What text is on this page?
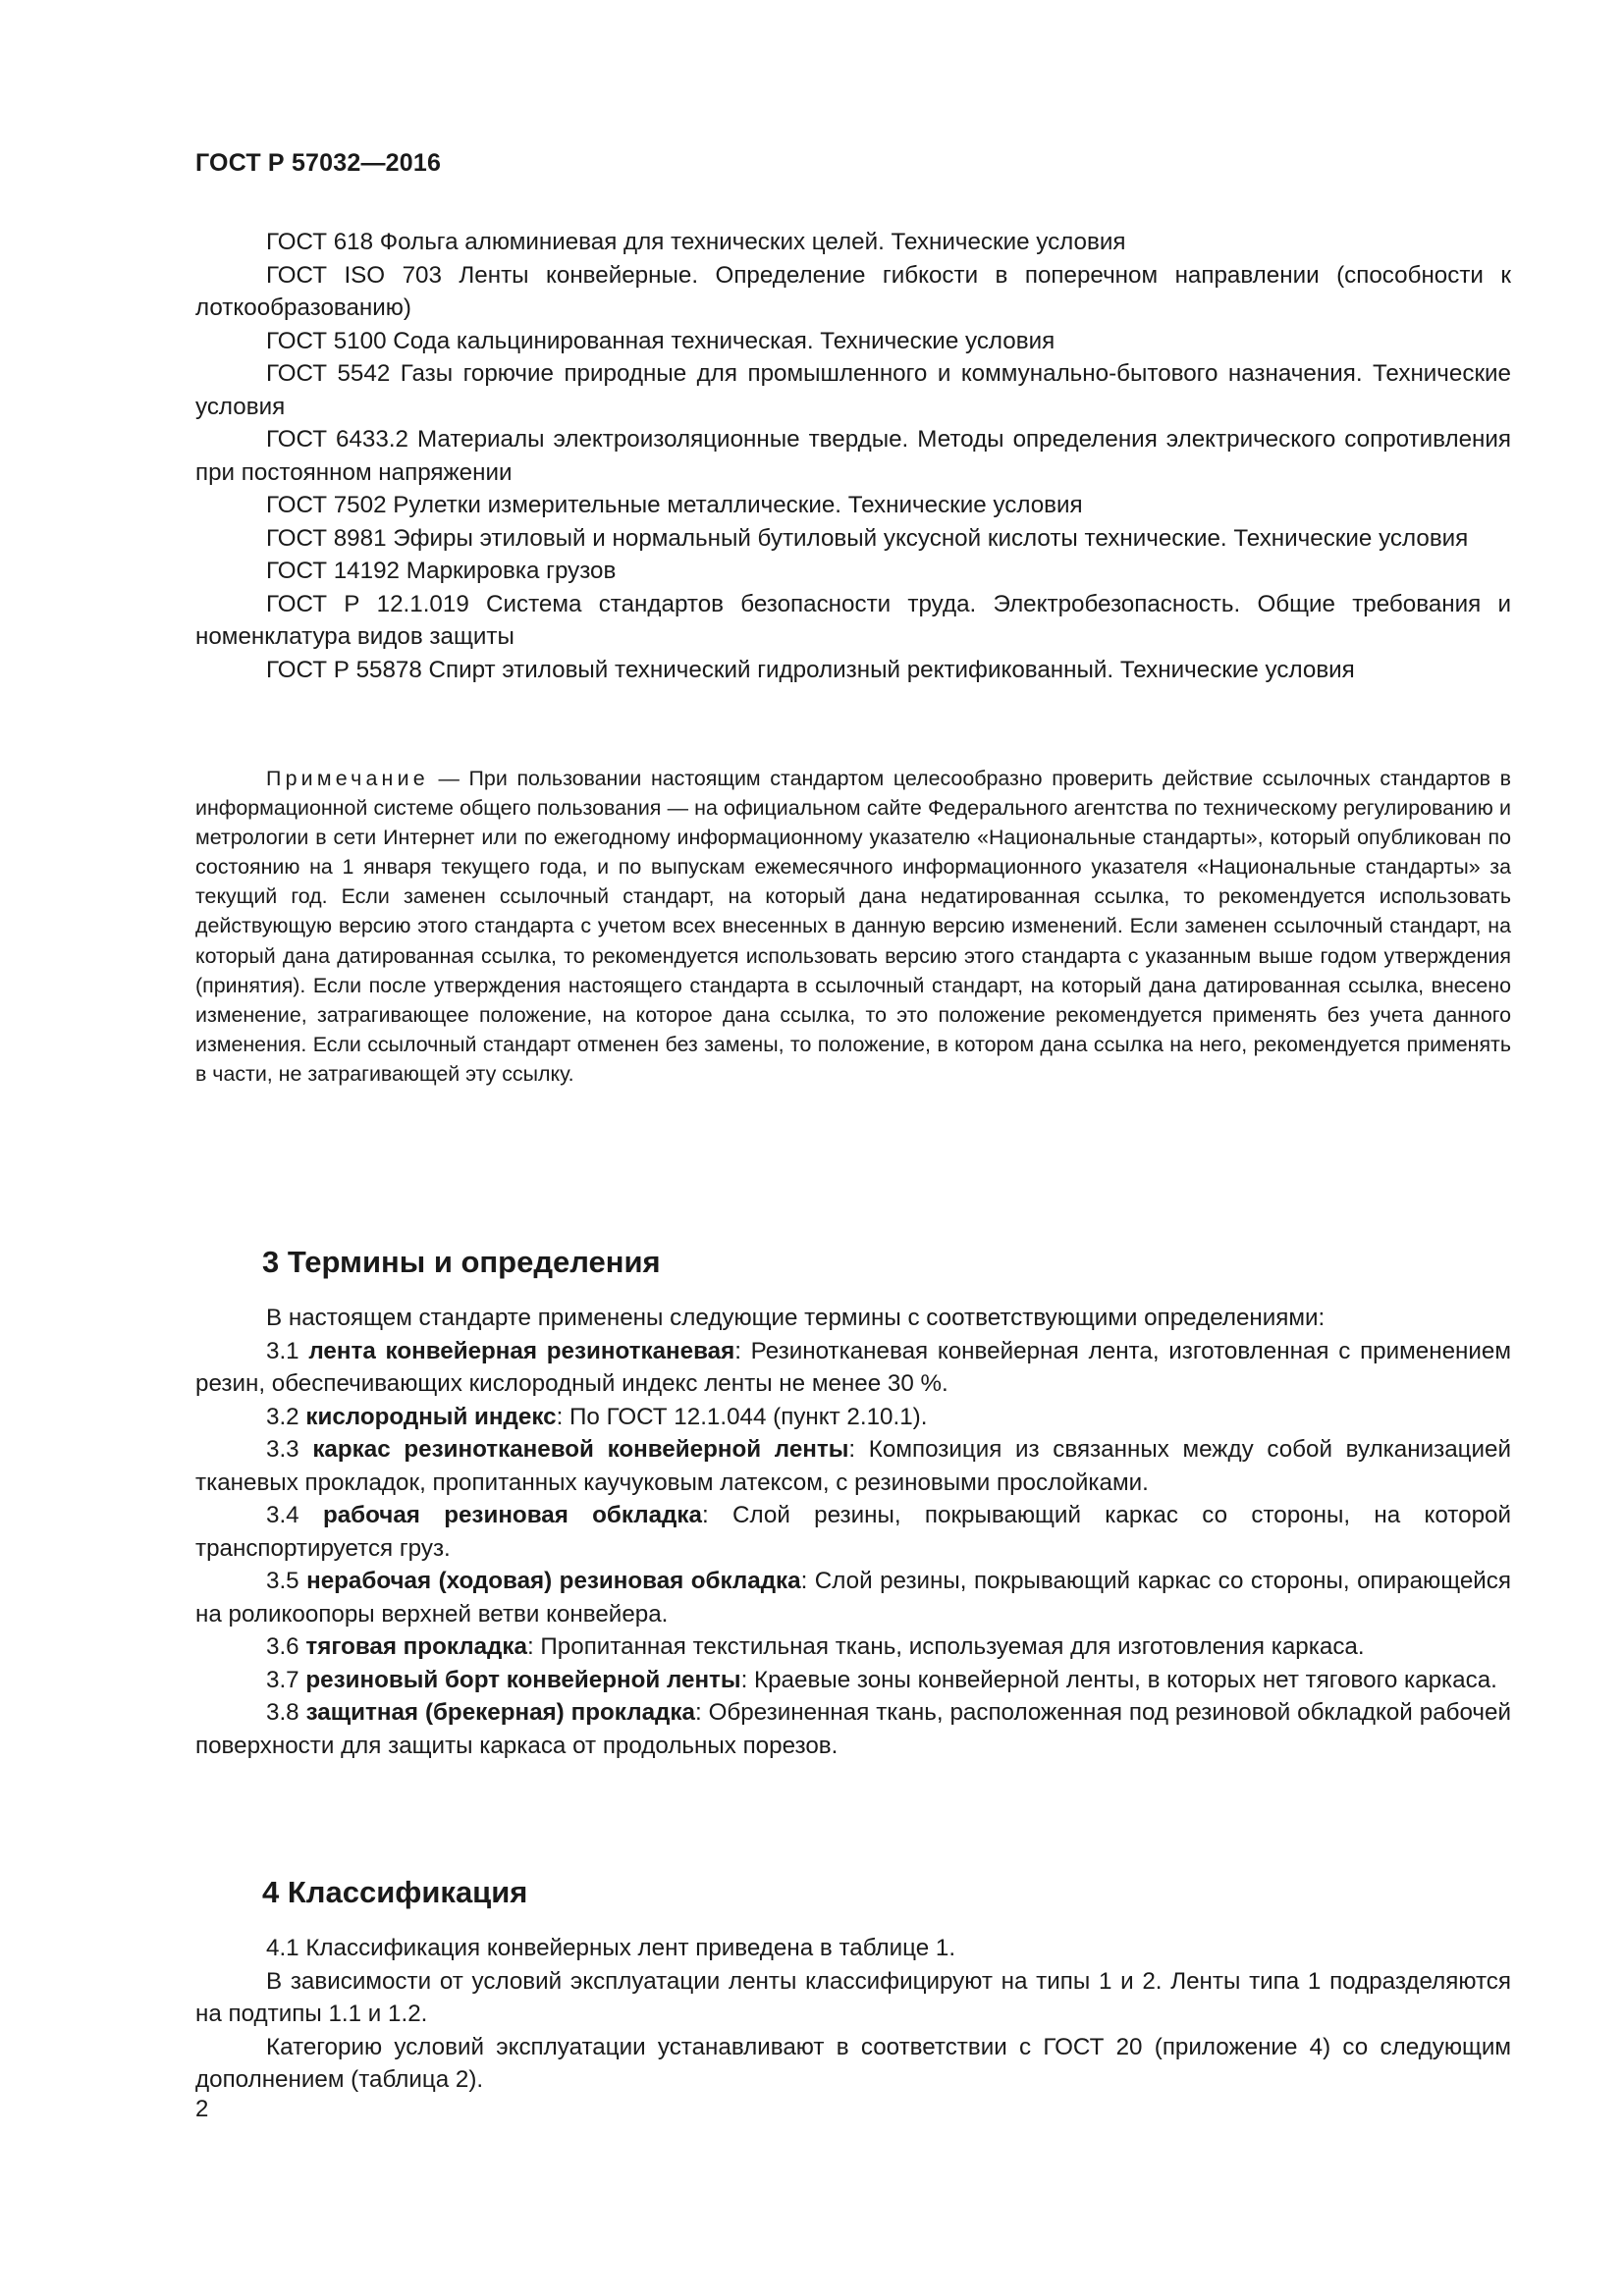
ГОСТ Р 57032—2016

ГОСТ 618 Фольга алюминиевая для технических целей. Технические условия

ГОСТ ISO 703 Ленты конвейерные. Определение гибкости в поперечном направлении (способности к лоткообразованию)

ГОСТ 5100 Сода кальцинированная техническая. Технические условия

ГОСТ 5542 Газы горючие природные для промышленного и коммунально-бытового назначения. Технические условия

ГОСТ 6433.2 Материалы электроизоляционные твердые. Методы определения электрического сопротивления при постоянном напряжении

ГОСТ 7502 Рулетки измерительные металлические. Технические условия

ГОСТ 8981 Эфиры этиловый и нормальный бутиловый уксусной кислоты технические. Технические условия

ГОСТ 14192 Маркировка грузов

ГОСТ Р 12.1.019 Система стандартов безопасности труда. Электробезопасность. Общие требования и номенклатура видов защиты

ГОСТ Р 55878 Спирт этиловый технический гидролизный ректификованный. Технические условия

Примечание — При пользовании настоящим стандартом целесообразно проверить действие ссылочных стандартов в информационной системе общего пользования — на официальном сайте Федерального агентства по техническому регулированию и метрологии в сети Интернет или по ежегодному информационному указателю «Национальные стандарты», который опубликован по состоянию на 1 января текущего года, и по выпускам ежемесячного информационного указателя «Национальные стандарты» за текущий год. Если заменен ссылочный стандарт, на который дана недатированная ссылка, то рекомендуется использовать действующую версию этого стандарта с учетом всех внесенных в данную версию изменений. Если заменен ссылочный стандарт, на который дана датированная ссылка, то рекомендуется использовать версию этого стандарта с указанным выше годом утверждения (принятия). Если после утверждения настоящего стандарта в ссылочный стандарт, на который дана датированная ссылка, внесено изменение, затрагивающее положение, на которое дана ссылка, то это положение рекомендуется применять без учета данного изменения. Если ссылочный стандарт отменен без замены, то положение, в котором дана ссылка на него, рекомендуется применять в части, не затрагивающей эту ссылку.

3 Термины и определения

В настоящем стандарте применены следующие термины с соответствующими определениями:

3.1 лента конвейерная резинотканевая: Резинотканевая конвейерная лента, изготовленная с применением резин, обеспечивающих кислородный индекс ленты не менее 30 %.

3.2 кислородный индекс: По ГОСТ 12.1.044 (пункт 2.10.1).

3.3 каркас резинотканевой конвейерной ленты: Композиция из связанных между собой вулканизацией тканевых прокладок, пропитанных каучуковым латексом, с резиновыми прослойками.

3.4 рабочая резиновая обкладка: Слой резины, покрывающий каркас со стороны, на которой транспортируется груз.

3.5 нерабочая (ходовая) резиновая обкладка: Слой резины, покрывающий каркас со стороны, опирающейся на роликоопоры верхней ветви конвейера.

3.6 тяговая прокладка: Пропитанная текстильная ткань, используемая для изготовления каркаса.

3.7 резиновый борт конвейерной ленты: Краевые зоны конвейерной ленты, в которых нет тягового каркаса.

3.8 защитная (брекерная) прокладка: Обрезиненная ткань, расположенная под резиновой обкладкой рабочей поверхности для защиты каркаса от продольных порезов.

4 Классификация

4.1 Классификация конвейерных лент приведена в таблице 1.

В зависимости от условий эксплуатации ленты классифицируют на типы 1 и 2. Ленты типа 1 подразделяются на подтипы 1.1 и 1.2.

Категорию условий эксплуатации устанавливают в соответствии с ГОСТ 20 (приложение 4) со следующим дополнением (таблица 2).

2
